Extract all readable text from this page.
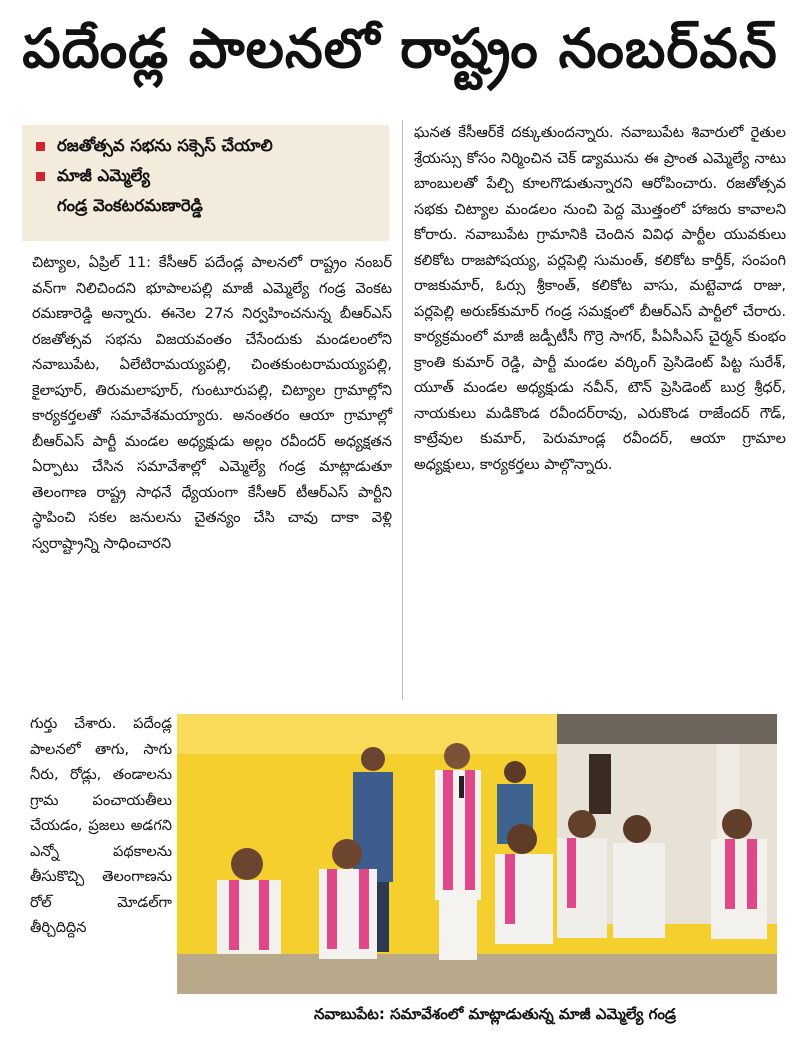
పదేండ్ల పాలనలో రాష్ట్రం నంబర్‌వన్
రజతోత్సవ సభను సక్సెస్‌ చేయాలి
మాజీ ఎమ్మెల్యే
గండ్ర వెంకటరమణారెడ్డి

చిట్యాల, ఏప్రిల్ 11: కేసీఆర్ పదేండ్ల పాలనలో రాష్ట్రం నంబర్ వన్‌గా నిలిచిందని భూపాలపల్లి మాజీ ఎమ్మెల్యే గండ్ర వెంకట రమణారెడ్డి అన్నారు. ఈనెల 27న నిర్వహించనున్న బీఆర్ఎస్ రజతోత్సవ సభను విజయవంతం చేసేందుకు మండలంలోని నవాబుపేట, ఏలేటిరామయ్యపల్లి, చింతకుంటరామయ్యపల్లి, కైలాపూర్, తిరుమలాపూర్, గుంటూరుపల్లి, చిట్యాల గ్రామాల్లోని కార్యకర్తలతో సమావేశమయ్యారు. అనంతరం ఆయా గ్రామాల్లో బీఆర్ఎస్ పార్టీ మండల అధ్యక్షుడు అల్లం రవీందర్ అధ్యక్షతన ఏర్పాటు చేసిన సమావేశాల్లో ఎమ్మెల్యే గండ్ర మాట్లాడుతూ తెలంగాణ రాష్ట్ర సాధనే ధ్యేయంగా కేసీఆర్ టీఆర్ఎస్ పార్టీని స్థాపించి సకల జనులను చైతన్యం చేసి చావు దాకా వెళ్లి స్వరాష్ట్రాన్ని సాధించారని

ఘనత కేసీఆర్‌కే దక్కుతుందన్నారు. నవాబుపేట శివారులో రైతుల శ్రేయస్సు కోసం నిర్మించిన చెక్ డ్యామును ఈ ప్రాంత ఎమ్మెల్యే నాటు బాంబులతో పేల్చి కూలగొడుతున్నారని ఆరోపించారు. రజతోత్సవ సభకు చిట్యాల మండలం నుంచి పెద్ద మొత్తంలో హాజరు కావాలని కోరారు. నవాబుపేట గ్రామానికి చెందిన వివిధ పార్టీల యువకులు కలికోట రాజపోషయ్య, పర్లపెల్లి సుమంత్, కలికోట కార్తీక్, సంపంగి రాజకుమార్, ఓర్సు శ్రీకాంత్, కలికోట వాసు, మట్టెవాడ రాజు, పర్లపెల్లి అరుణ్‌కుమార్ గండ్ర సమక్షంలో బీఆర్ఎస్ పార్టీలో చేరారు. కార్యక్రమంలో మాజీ జడ్పీటీసీ గొర్రె సాగర్, పీఏసీఎస్ చైర్మన్ కుంభం క్రాంతి కుమార్ రెడ్డి, పార్టీ మండల వర్కింగ్ ప్రెసిడెంట్ పిట్ట సురేశ్, యూత్ మండల అధ్యక్షుడు నవీన్, టౌన్ ప్రెసిడెంట్ బుర్ర శ్రీధర్, నాయకులు మడికొండ రవీందర్‌రావు, ఎరుకొండ రాజేందర్ గౌడ్, కాట్రేవుల కుమార్, పెరుమాండ్ల రవీందర్, ఆయా గ్రామాల అధ్యక్షులు, కార్యకర్తలు పాల్గొన్నారు.

గుర్తు చేశారు. పదేండ్ల పాలనలో తాగు, సాగు నీరు, రోడ్లు, తండాలను గ్రామ పంచాయతీలు చేయడం, ప్రజలు అడగని ఎన్నో పథకాలను తీసుకొచ్చి తెలంగాణను రోల్ మోడల్‌గా తీర్చిదిద్దిన

నవాబుపేట: సమావేశంలో మాట్లాడుతున్న మాజీ ఎమ్మెల్యే గండ్ర
